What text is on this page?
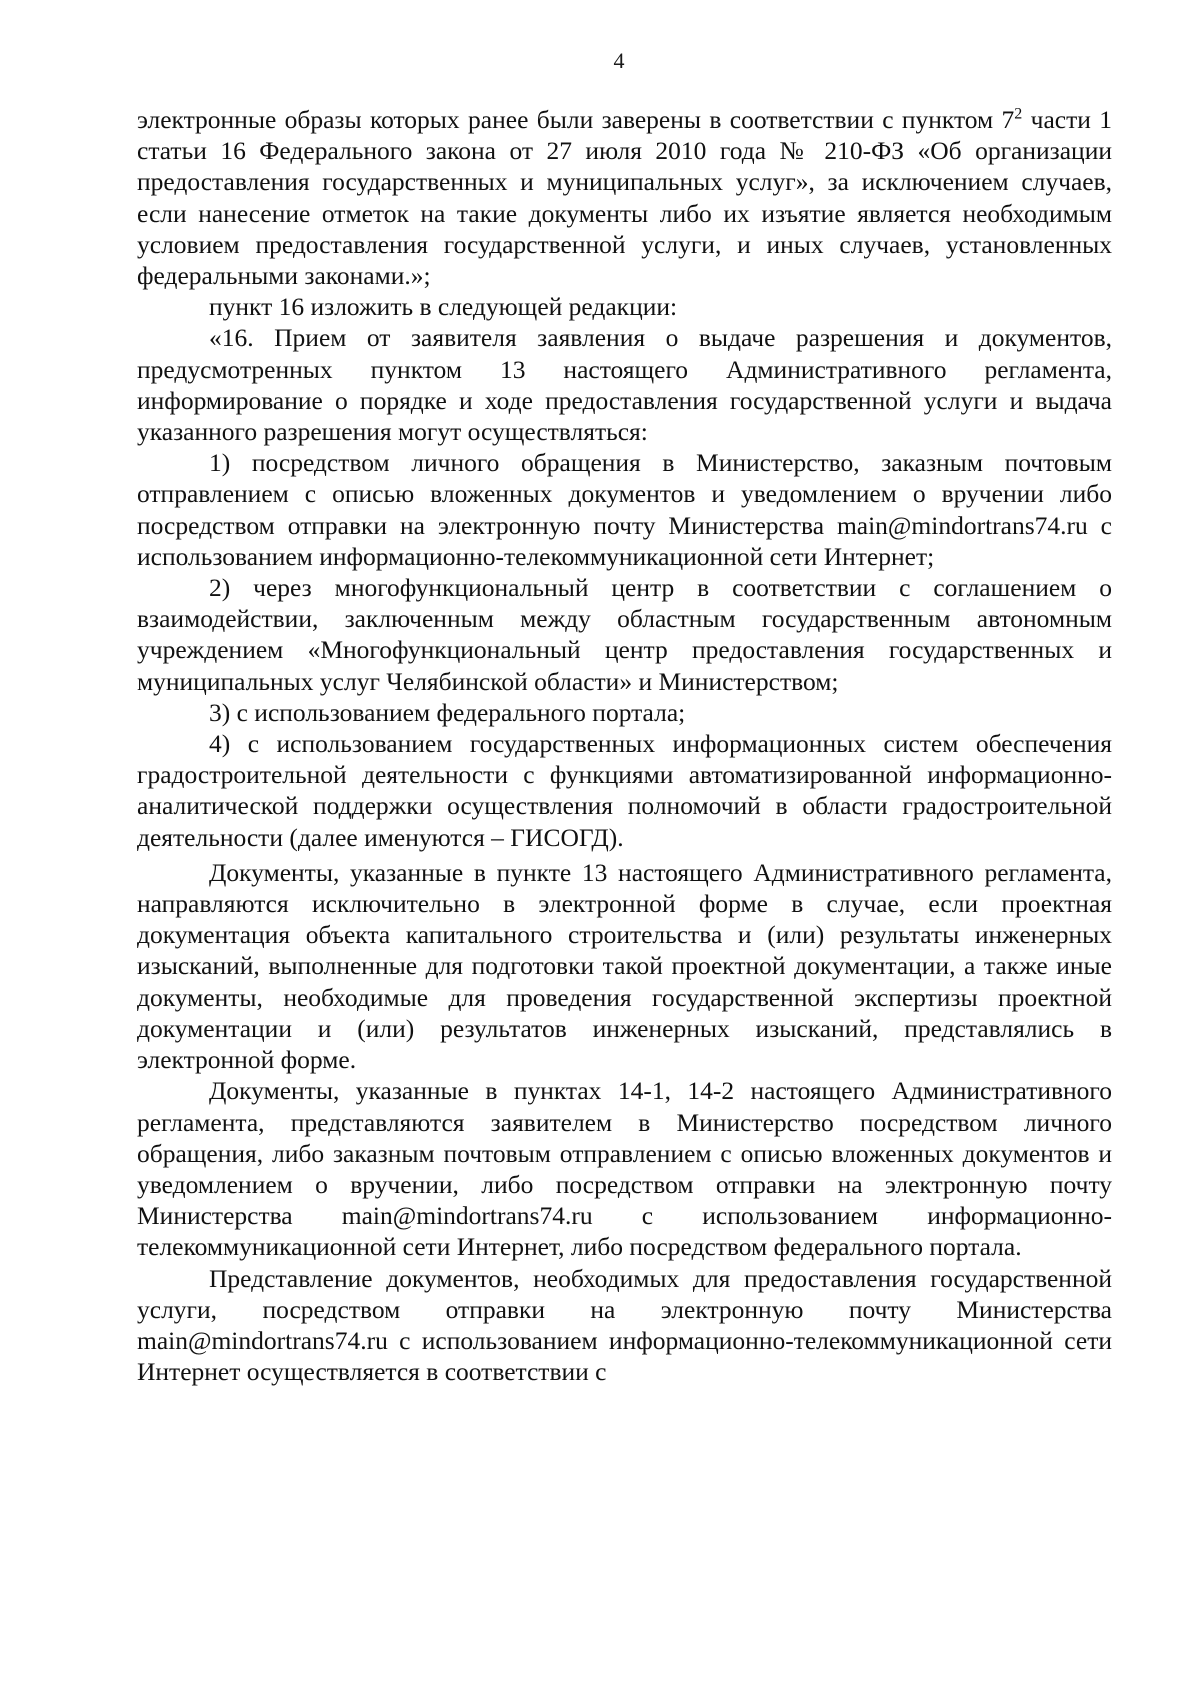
4

электронные образы которых ранее были заверены в соответствии с пунктом $7^2$ части 1 статьи 16 Федерального закона от 27 июля 2010 года № 210-ФЗ «Об организации предоставления государственных и муниципальных услуг», за исключением случаев, если нанесение отметок на такие документы либо их изъятие является необходимым условием предоставления государственной услуги, и иных случаев, установленных федеральными законами.»;

пункт 16 изложить в следующей редакции:

«16. Прием от заявителя заявления о выдаче разрешения и документов, предусмотренных пунктом 13 настоящего Административного регламента, информирование о порядке и ходе предоставления государственной услуги и выдача указанного разрешения могут осуществляться:

1) посредством личного обращения в Министерство, заказным почтовым отправлением с описью вложенных документов и уведомлением о вручении либо посредством отправки на электронную почту Министерства main@mindortrans74.ru с использованием информационно-телекоммуникационной сети Интернет;

2) через многофункциональный центр в соответствии с соглашением о взаимодействии, заключенным между областным государственным автономным учреждением «Многофункциональный центр предоставления государственных и муниципальных услуг Челябинской области» и Министерством;

3) с использованием федерального портала;

4) с использованием государственных информационных систем обеспечения градостроительной деятельности с функциями автоматизированной информационно-аналитической поддержки осуществления полномочий в области градостроительной деятельности (далее именуются – ГИСОГД).

Документы, указанные в пункте 13 настоящего Административного регламента, направляются исключительно в электронной форме в случае, если проектная документация объекта капитального строительства и (или) результаты инженерных изысканий, выполненные для подготовки такой проектной документации, а также иные документы, необходимые для проведения государственной экспертизы проектной документации и (или) результатов инженерных изысканий, представлялись в электронной форме.

Документы, указанные в пунктах 14-1, 14-2 настоящего Административного регламента, представляются заявителем в Министерство посредством личного обращения, либо заказным почтовым отправлением с описью вложенных документов и уведомлением о вручении, либо посредством отправки на электронную почту Министерства main@mindortrans74.ru с использованием информационно-телекоммуникационной сети Интернет, либо посредством федерального портала.

Представление документов, необходимых для предоставления государственной услуги, посредством отправки на электронную почту Министерства main@mindortrans74.ru с использованием информационно-телекоммуникационной сети Интернет осуществляется в соответствии с
